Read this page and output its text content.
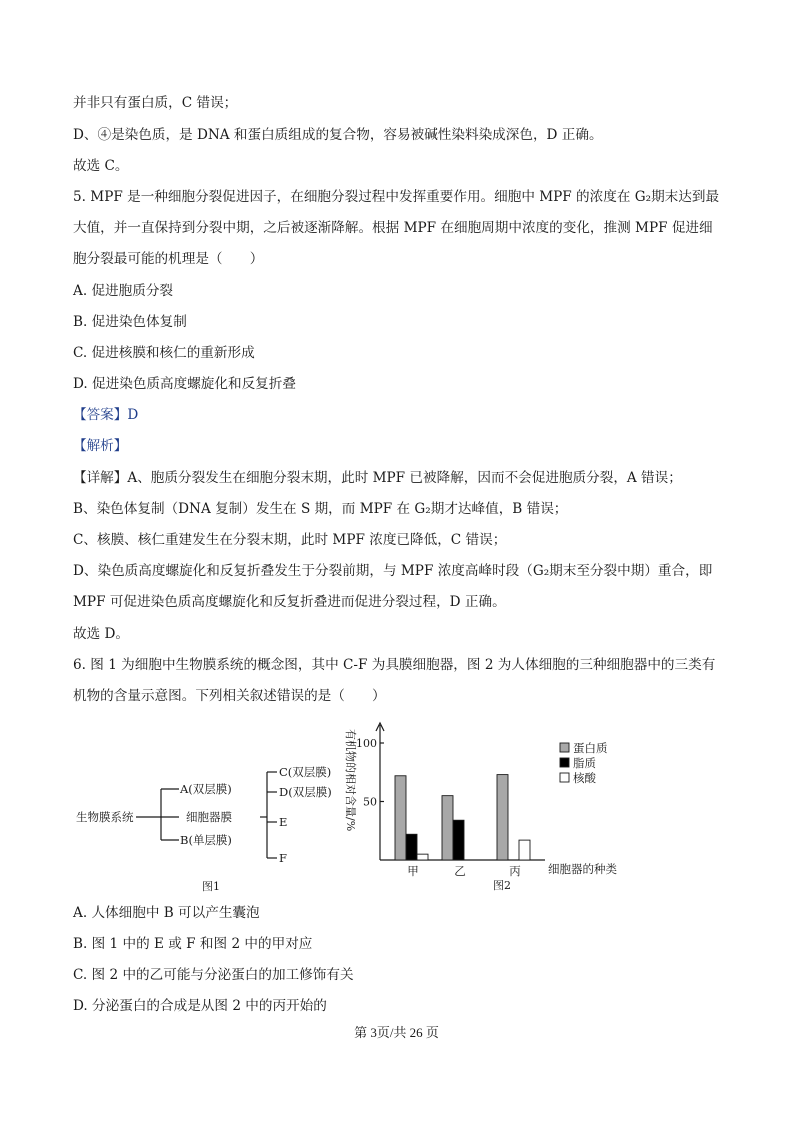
并非只有蛋白质，C 错误；
D、④是染色质，是 DNA 和蛋白质组成的复合物，容易被碱性染料染成深色，D 正确。
故选 C。
5. MPF 是一种细胞分裂促进因子，在细胞分裂过程中发挥重要作用。细胞中 MPF 的浓度在 G₂期末达到最
大值，并一直保持到分裂中期，之后被逐渐降解。根据 MPF 在细胞周期中浓度的变化，推测 MPF 促进细
胞分裂最可能的机理是（　　）
A. 促进胞质分裂
B. 促进染色体复制
C. 促进核膜和核仁的重新形成
D. 促进染色质高度螺旋化和反复折叠
【答案】D
【解析】
【详解】A、胞质分裂发生在细胞分裂末期，此时 MPF 已被降解，因而不会促进胞质分裂，A 错误；
B、染色体复制（DNA 复制）发生在 S 期，而 MPF 在 G₂期才达峰值，B 错误；
C、核膜、核仁重建发生在分裂末期，此时 MPF 浓度已降低，C 错误；
D、染色质高度螺旋化和反复折叠发生于分裂前期，与 MPF 浓度高峰时段（G₂期末至分裂中期）重合，即
MPF 可促进染色质高度螺旋化和反复折叠进而促进分裂过程，D 正确。
故选 D。
6. 图 1 为细胞中生物膜系统的概念图，其中 C-F 为具膜细胞器，图 2 为人体细胞的三种细胞器中的三类有
机物的含量示意图。下列相关叙述错误的是（　　）
生物膜系统
A(双层膜)
细胞器膜
B(单层膜)
C(双层膜)
D(双层膜)
E
F
图1
有机物的相对含量/% 50
100
甲	乙	丙 细胞器的种类
蛋白质
脂质
核酸
图2
A. 人体细胞中 B 可以产生囊泡
B. 图 1 中的 E 或 F 和图 2 中的甲对应
C. 图 2 中的乙可能与分泌蛋白的加工修饰有关
D. 分泌蛋白的合成是从图 2 中的丙开始的
第 3页/共 26 页
